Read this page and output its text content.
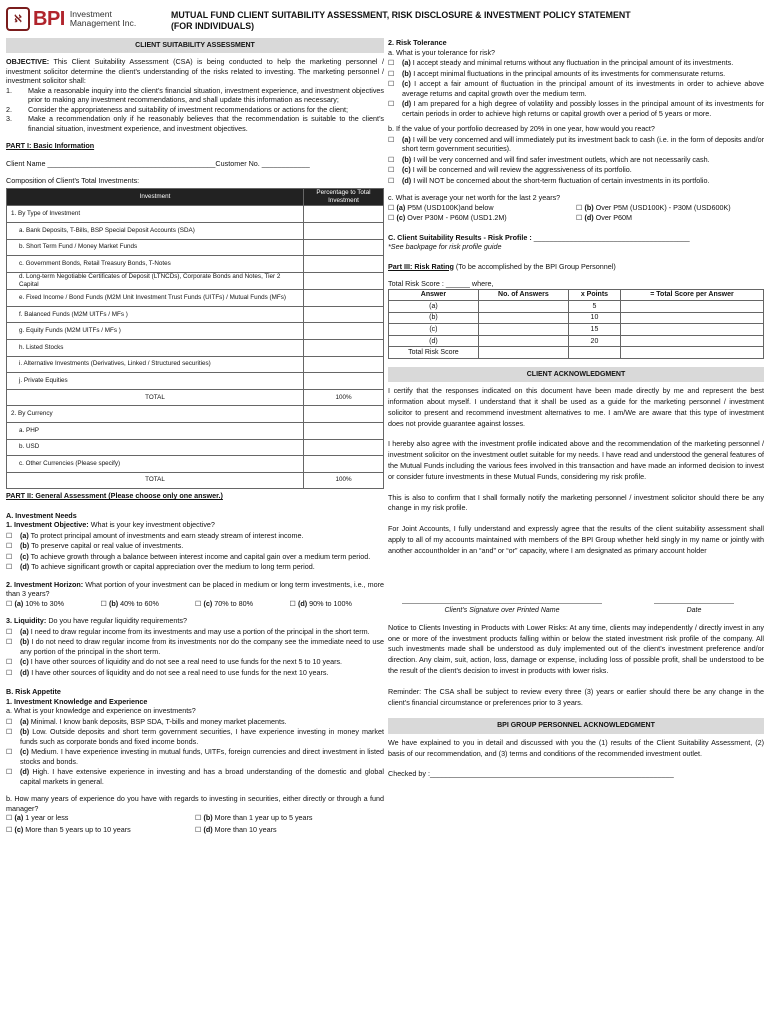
ℵ BPI Investment
Management Inc.
MUTUAL FUND CLIENT SUITABILITY ASSESSMENT, RISK DISCLOSURE & INVESTMENT POLICY STATEMENT
(FOR INDIVIDUALS)
CLIENT SUITABILITY ASSESSMENT
OBJECTIVE: This Client Suitability Assessment (CSA) is being conducted to help the marketing personnel / investment solicitor determine the client’s understanding of the risks related to investing. The marketing personnel / investment solicitor shall:
1.	Make a reasonable inquiry into the client’s financial situation, investment experience, and investment objectives prior to making any investment recommendations, and shall update this information as necessary;
2.	Consider the appropriateness and suitability of investment recommendations or actions for the client;
3.	Make a recommendation only if he reasonably believes that the recommendation is suitable to the client’s financial situation, investment experience, and investment objectives.
PART I: Basic Information
Client Name __________________________________________Customer No. ____________
Composition of Client’s Total Investments:
Investment	Percentage to Total Investment
1. By Type of Investment	
a. Bank Deposits, T-Bills, BSP Special Deposit Accounts (SDA)	
b. Short Term Fund / Money Market Funds	
c. Government Bonds, Retail Treasury Bonds, T-Notes	
d. Long-term Negotiable Certificates of Deposit (LTNCDs), Corporate Bonds and Notes, Tier 2 Capital	
e. Fixed Income / Bond Funds (M2M Unit Investment Trust Funds (UITFs) / Mutual Funds (MFs)	
f. Balanced Funds (M2M UITFs / MFs )	
g. Equity Funds (M2M UITFs / MFs )	
h. Listed Stocks	
i. Alternative Investments (Derivatives, Linked / Structured securities)	
j. Private Equities	
TOTAL	100%
2. By Currency	
a. PHP	
b. USD	
c. Other Currencies (Please specify)	
TOTAL	100%
PART II: General Assessment (Please choose only one answer.)
A. Investment Needs
1. Investment Objective: What is your key investment objective?
☐	(a) To protect principal amount of investments and earn steady stream of interest income.
☐	(b) To preserve capital or real value of investments.
☐	(c) To achieve growth through a balance between interest income and capital gain over a medium term period.
☐	(d) To achieve significant growth or capital appreciation over the medium to long term period.
2. Investment Horizon: What portion of your investment can be placed in medium or long term investments, i.e., more than 3 years?
☐ (a) 10% to 30%	☐ (b) 40% to 60%	☐ (c) 70% to 80%	☐ (d) 90% to 100%
3. Liquidity: Do you have regular liquidity requirements?
☐	(a) I need to draw regular income from its investments and may use a portion of the principal in the short term.
☐	(b) I do not need to draw regular income from its investments nor do the company see the immediate need to use any portion of the principal in the short term.
☐	(c) I have other sources of liquidity and do not see a real need to use funds for the next 5 to 10 years.
☐	(d) I have other sources of liquidity and do not see a real need to use funds for the next 10 years.
B. Risk Appetite
1. Investment Knowledge and Experience
a. What is your knowledge and experience on investments?
☐	(a) Minimal. I know bank deposits, BSP SDA, T-bills and money market placements.
☐	(b) Low. Outside deposits and short term government securities, I have experience investing in money market funds such as corporate bonds and fixed income bonds.
☐	(c) Medium. I have experience investing in mutual funds, UITFs, foreign currencies and direct investment in listed stocks and bonds.
☐	(d) High. I have extensive experience in investing and has a broad understanding of the domestic and global capital markets in general.
b. How many years of experience do you have with regards to investing in securities, either directly or through a fund manager?
☐ (a) 1 year or less	☐ (b) More than 1 year up to 5 years
☐ (c) More than 5 years up to 10 years	☐ (d) More than 10 years
2. Risk Tolerance
a. What is your tolerance for risk?
☐	(a) I accept steady and minimal returns without any fluctuation in the principal amount of its investments.
☐	(b) I accept minimal fluctuations in the principal amounts of its investments for commensurate returns.
☐	(c) I accept a fair amount of fluctuation in the principal amount of its investments in order to achieve above average returns and capital growth over the medium term.
☐	(d) I am prepared for a high degree of volatility and possibly losses in the principal amount of its investments for certain periods in order to achieve high returns or capital growth over a period of 5 years or more.
b. If the value of your portfolio decreased by 20% in one year, how would you react?
☐	(a) I will be very concerned and will immediately put its investment back to cash (i.e. in the form of deposits and/or short term government securities).
☐	(b) I will be very concerned and will find safer investment outlets, which are not necessarily cash.
☐	(c) I will be concerned and will review the aggressiveness of its portfolio.
☐	(d) I will NOT be concerned about the short-term fluctuation of certain investments in its portfolio.
c. What is average your net worth for the last 2 years?
☐ (a) P5M (USD100K)and below	☐ (b) Over P5M (USD100K) - P30M (USD600K)
☐ (c) Over P30M - P60M (USD1.2M)	☐ (d) Over P60M
C. Client Suitability Results - Risk Profile : _______________________________________
*See backpage for risk profile guide
Part III: Risk Rating (To be accomplished by the BPI Group Personnel)
Total Risk Score : ______ where,
Answer	No. of Answers	x Points	= Total Score per Answer
(a)		5	
(b)		10	
(c)		15	
(d)		20	
Total Risk Score			
CLIENT ACKNOWLEDGMENT
I certify that the responses indicated on this document have been made directly by me and represent the best information about myself. I understand that it shall be used as a guide for the marketing personnel / investment solicitor to present and recommend investment alternatives to me. I am/We are aware that this type of investment does not provide guarantee against losses.
I hereby also agree with the investment profile indicated above and the recommendation of the marketing personnel / investment solicitor on the investment outlet suitable for my needs. I have read and understood the general features of the Mutual Funds including the various fees involved in this transaction and have made an informed decision to invest or consider future investments in these Mutual Funds, considering my risk profile.
This is also to confirm that I shall formally notify the marketing personnel / investment solicitor should there be any change in my risk profile.
For Joint Accounts, I fully understand and expressly agree that the results of the client suitability assessment shall apply to all of my accounts maintained with members of the BPI Group whether held singly in my name or jointly with another accountholder in an “and” or “or” capacity, where I am designated as primary account holder
Client’s Signature over Printed Name	Date
Notice to Clients Investing in Products with Lower Risks: At any time, clients may independently / directly invest in any one or more of the investment products falling within or below the stated investment risk profile of the company. All such investments made shall be understood as duly implemented out of the client’s investment preference and/or direction. Any claim, suit, action, loss, damage or expense, including loss of possible profit, shall be understood to be the result of the client’s decision to invest in products with lower risks.
Reminder: The CSA shall be subject to review every three (3) years or earlier should there be any change in the client’s financial circumstance or preferences prior to 3 years.
BPI GROUP PERSONNEL ACKNOWLEDGMENT
We have explained to you in detail and discussed with you the (1) results of the Client Suitability Assessment, (2) basis of our recommendation, and (3) terms and conditions of the recommended investment outlet.
Checked by :_____________________________________________________________
